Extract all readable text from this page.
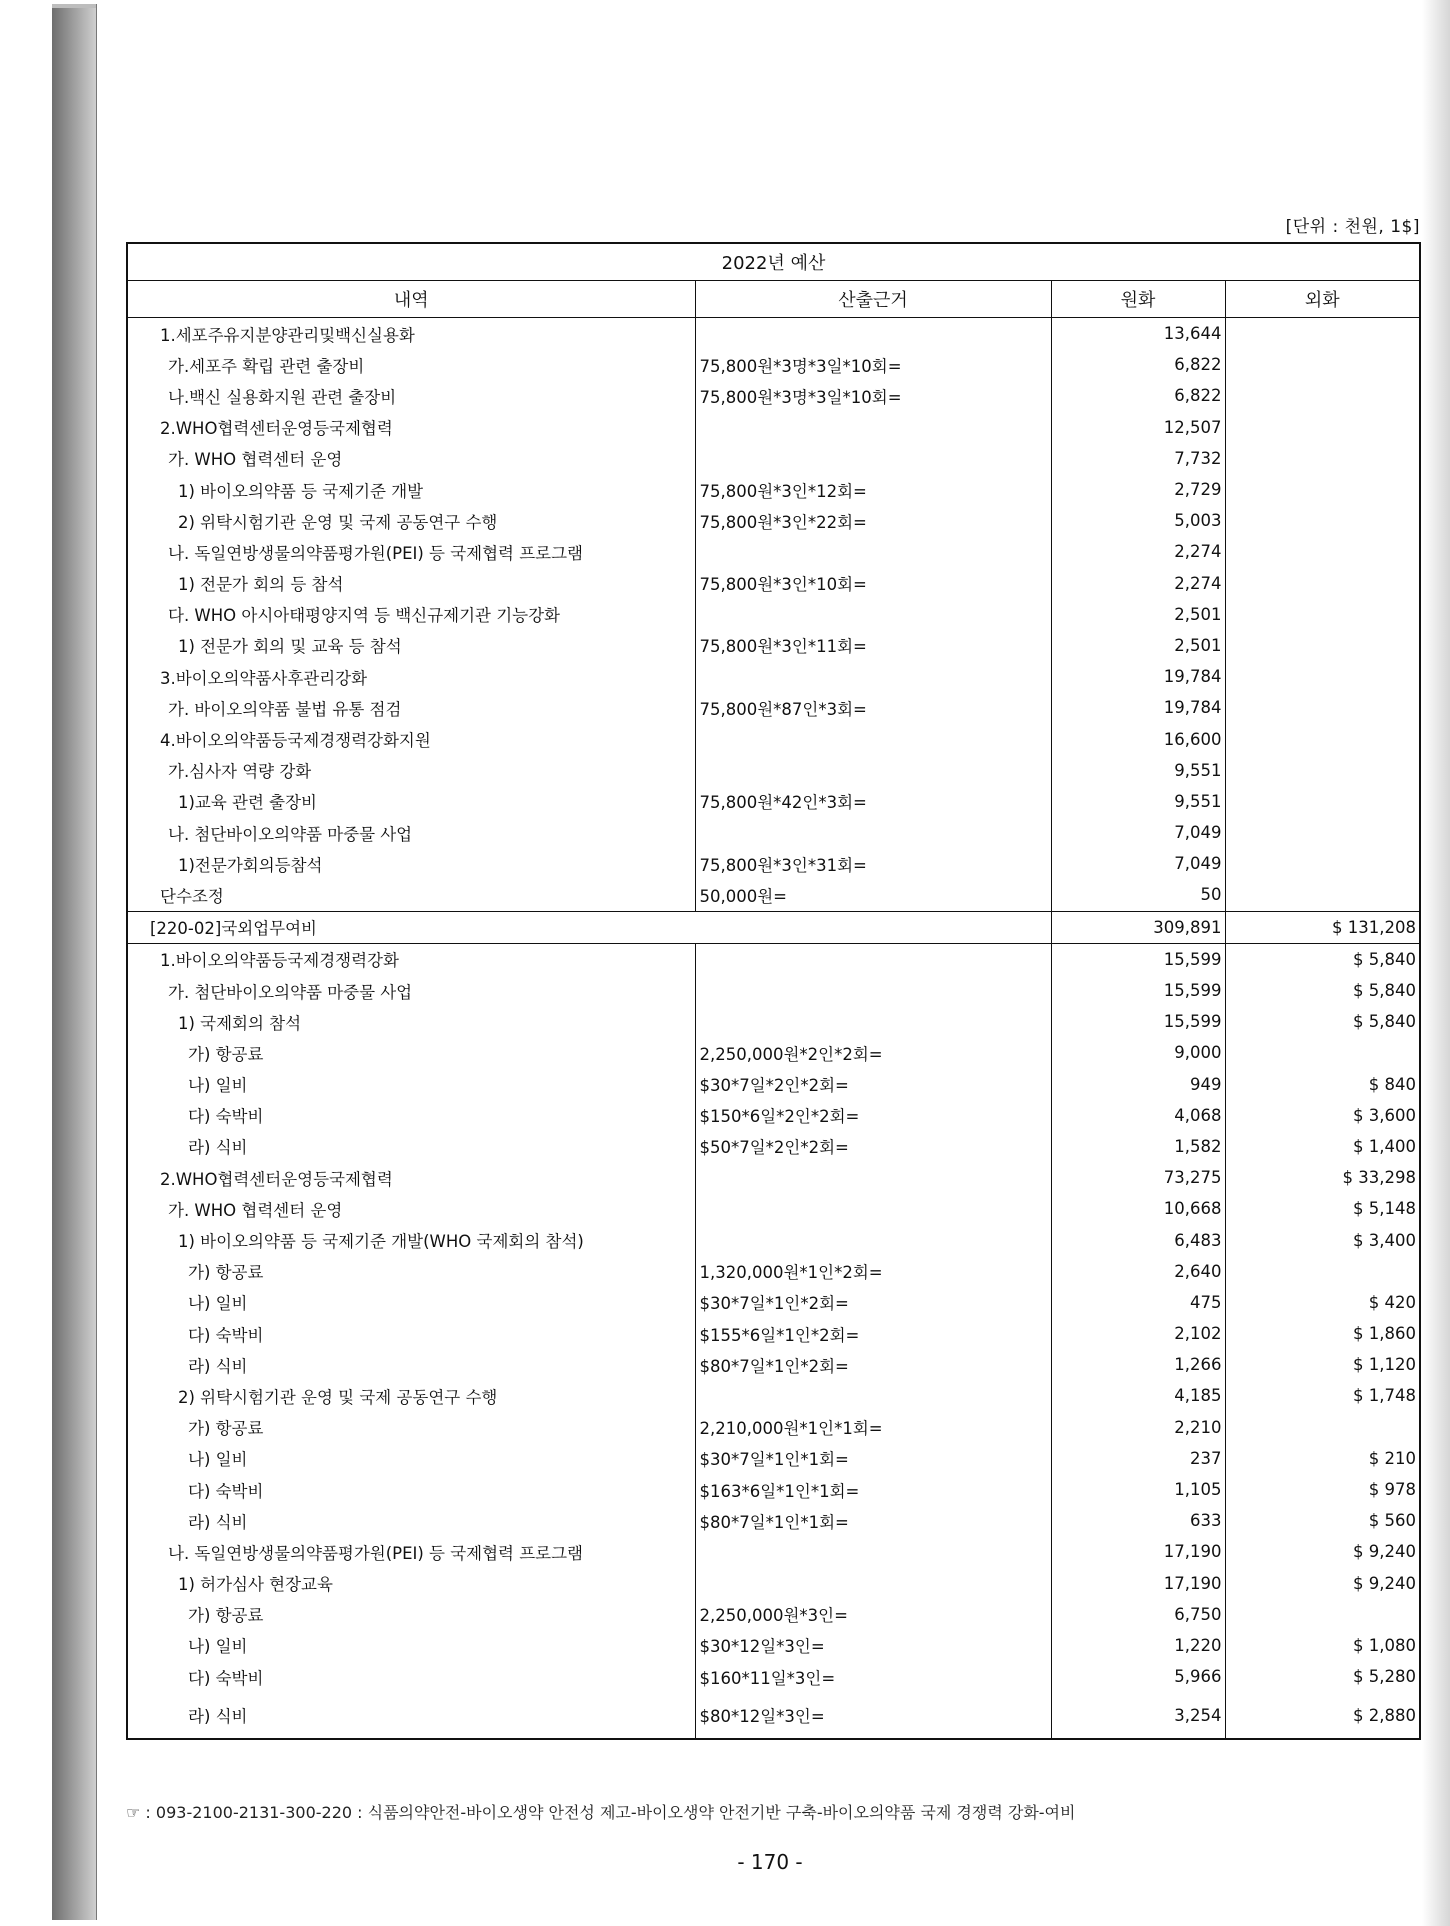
[단위 : 천원, 1$]
2022년 예산			
내역	산출근거	원화	외화
1.세포주유지분양관리및백신실용화		13,644	
가.세포주 확립 관련 출장비	75,800원*3명*3일*10회=	6,822	
나.백신 실용화지원 관련 출장비	75,800원*3명*3일*10회=	6,822	
2.WHO협력센터운영등국제협력		12,507	
가. WHO 협력센터 운영		7,732	
1) 바이오의약품 등 국제기준 개발	75,800원*3인*12회=	2,729	
2) 위탁시험기관 운영 및 국제 공동연구 수행	75,800원*3인*22회=	5,003	
나. 독일연방생물의약품평가원(PEI) 등 국제협력 프로그램		2,274	
1) 전문가 회의 등 참석	75,800원*3인*10회=	2,274	
다. WHO 아시아태평양지역 등 백신규제기관 기능강화		2,501	
1) 전문가 회의 및 교육 등 참석	75,800원*3인*11회=	2,501	
3.바이오의약품사후관리강화		19,784	
가. 바이오의약품 불법 유통 점검	75,800원*87인*3회=	19,784	
4.바이오의약품등국제경쟁력강화지원		16,600	
가.심사자 역량 강화		9,551	
1)교육 관련 출장비	75,800원*42인*3회=	9,551	
나. 첨단바이오의약품 마중물 사업		7,049	
1)전문가회의등참석	75,800원*3인*31회=	7,049	
단수조정	50,000원=	50	
[220-02]국외업무여비		309,891	$ 131,208
1.바이오의약품등국제경쟁력강화		15,599	$ 5,840
가. 첨단바이오의약품 마중물 사업		15,599	$ 5,840
1) 국제회의 참석		15,599	$ 5,840
가) 항공료	2,250,000원*2인*2회=	9,000	
나) 일비	$30*7일*2인*2회=	949	$ 840
다) 숙박비	$150*6일*2인*2회=	4,068	$ 3,600
라) 식비	$50*7일*2인*2회=	1,582	$ 1,400
2.WHO협력센터운영등국제협력		73,275	$ 33,298
가. WHO 협력센터 운영		10,668	$ 5,148
1) 바이오의약품 등 국제기준 개발(WHO 국제회의 참석)		6,483	$ 3,400
가) 항공료	1,320,000원*1인*2회=	2,640	
나) 일비	$30*7일*1인*2회=	475	$ 420
다) 숙박비	$155*6일*1인*2회=	2,102	$ 1,860
라) 식비	$80*7일*1인*2회=	1,266	$ 1,120
2) 위탁시험기관 운영 및 국제 공동연구 수행		4,185	$ 1,748
가) 항공료	2,210,000원*1인*1회=	2,210	
나) 일비	$30*7일*1인*1회=	237	$ 210
다) 숙박비	$163*6일*1인*1회=	1,105	$ 978
라) 식비	$80*7일*1인*1회=	633	$ 560
나. 독일연방생물의약품평가원(PEI) 등 국제협력 프로그램		17,190	$ 9,240
1) 허가심사 현장교육		17,190	$ 9,240
가) 항공료	2,250,000원*3인=	6,750	
나) 일비	$30*12일*3인=	1,220	$ 1,080
다) 숙박비	$160*11일*3인=	5,966	$ 5,280
라) 식비	$80*12일*3인=	3,254	$ 2,880
☞ : 093-2100-2131-300-220 : 식품의약안전-바이오생약 안전성 제고-바이오생약 안전기반 구축-바이오의약품 국제 경쟁력 강화-여비
- 170 -
